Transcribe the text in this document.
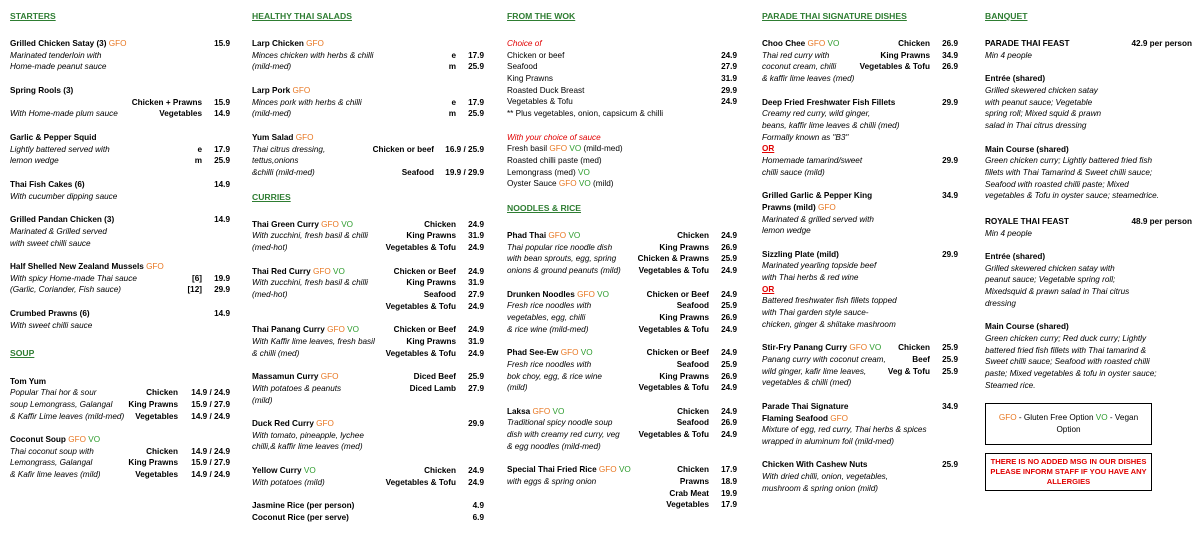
STARTERS
Grilled Chicken Satay (3) GFO	15.9
Marinated tenderloin with
Home-made peanut sauce
Spring Rools (3)
Chicken + Prawns	15.9
With Home-made plum sauce	Vegetables	14.9
Garlic & Pepper Squid
Lightly battered served with	e	17.9
lemon wedge	m	25.9
Thai Fish Cakes (6)	14.9
With cucumber dipping sauce
Grilled Pandan Chicken (3)	14.9
Marinated & Grilled served
with sweet chilli sauce
Half Shelled New Zealand Mussels GFO
With spicy Home-made Thai sauce	[6]	19.9
(Garlic, Coriander, Fish sauce)	[12]	29.9
Crumbed Prawns (6)	14.9
With sweet chilli sauce
SOUP
Tom Yum
Popular Thai hor & sour	Chicken	14.9 / 24.9
soup Lemongrass, Galangal	King Prawns	15.9 / 27.9
& Kaffir Lime leaves (mild-med)	Vegetables	14.9 / 24.9
Coconut Soup GFO VO
Thai coconut soup with	Chicken	14.9 / 24.9
Lemongrass, Galangal	King Prawns	15.9 / 27.9
& Kafir lime leaves (mild)	Vegetables	14.9 / 24.9
HEALTHY THAI SALADS
Larp Chicken GFO
Minces chicken with herbs & chilli	e	17.9
(mild-med)	m	25.9
Larp Pork GFO
Minces pork with herbs & chilli	e	17.9
(mild-med)	m	25.9
Yum Salad GFO
Thai citrus dressing, tettus,onions
Chicken or beef	16.9 / 25.9
&chilli (mild-med)	Seafood	19.9 / 29.9
CURRIES
Thai Green Curry GFO VO	Chicken	24.9
With zucchini, fresh basil & chilli	King Prawns	31.9
(med-hot)	Vegetables & Tofu	24.9
Thai Red Curry GFO VO	Chicken or Beef	24.9
With zucchini, fresh basil & chilli	King Prawns	31.9
(med-hot)	Seafood	27.9
Vegetables & Tofu	24.9
Thai Panang Curry GFO VO	Chicken or Beef	24.9
With Kaffir lime leaves, fresh basil	King Prawns	31.9
& chilli (med)	Vegetables & Tofu	24.9
Massamun Curry GFO	Diced Beef	25.9
With potatoes & peanuts	Diced Lamb	27.9
(mild)
Duck Red Curry GFO	29.9
With tomato, pineapple, lychee
chilli,& kaffir lime leaves (med)
Yellow Curry VO	Chicken	24.9
With potatoes (mild)	Vegetables & Tofu	24.9
Jasmine Rice (per person)	4.9
Coconut Rice (per serve)	6.9
FROM THE WOK
Choice of
Chicken or beef	24.9
Seafood	27.9
King Prawns	31.9
Roasted Duck Breast	29.9
Vegetables & Tofu	24.9
** Plus vegetables, onion, capsicum & chilli
With your choice of sauce
Fresh basil GFO VO (mild-med)
Roasted chilli paste (med)
Lemongrass (med) VO
Oyster Sauce GFO VO (mild)
NOODLES & RICE
Phad Thai GFO VO	Chicken	24.9
Thai popular rice noodle dish	King Prawns	26.9
with bean sprouts, egg, spring	Chicken & Prawns	25.9
onions & ground peanuts (mild)	Vegetables & Tofu	24.9
Drunken Noodles GFO VO	Chicken or Beef	24.9
Fresh rice noodles with	Seafood	25.9
vegetables, egg, chilli	King Prawns	26.9
& rice wine (mild-med)	Vegetables & Tofu	24.9
Phad See-Ew GFO VO	Chicken or Beef	24.9
Fresh rice noodles with	Seafood	25.9
bok choy, egg, & rice wine	King Prawns	26.9
(mild)	Vegetables & Tofu	24.9
Laksa GFO VO	Chicken	24.9
Traditional spicy noodle soup	Seafood	26.9
dish with creamy red curry, veg	Vegetables & Tofu	24.9
& egg noodles (mild-med)
Special Thai Fried Rice GFO VO	Chicken	17.9
with eggs & spring onion	Prawns	18.9
Crab Meat	19.9
Vegetables	17.9
PARADE THAI SIGNATURE DISHES
Choo Chee GFO VO	Chicken	26.9
Thai red curry with	King Prawns	34.9
coconut cream, chilli	Vegetables & Tofu	26.9
& kaffir lime leaves (med)
Deep Fried Freshwater Fish Fillets	29.9
Creamy red curry, wild ginger,
beans, kaffir lime leaves & chilli (med)
Formally known as "B3"
OR
Homemade tamarind/sweet	29.9
chilli sauce (mild)
Grilled Garlic & Pepper King	34.9
Prawns (mild) GFO
Marinated & grilled served with
lemon wedge
Sizzling Plate (mild)	29.9
Marinated yearling topside beef
with Thai herbs & red wine
OR
Battered freshwater fish fillets topped
with Thai garden style sauce-
chicken, ginger & shiitake mashroom
Stir-Fry Panang Curry GFO VO	Chicken	25.9
Panang curry with coconut cream,	Beef	25.9
wild ginger, kafir lime leaves,	Veg & Tofu	25.9
vegetables & chilli (med)
Parade Thai Signature	34.9
Flaming Seafood GFO
Mixture of egg, red curry, Thai herbs & spices
wrapped in aluminum foil (mild-med)
Chicken With Cashew Nuts	25.9
With dried chilli, onion, vegetables,
mushroom & spring onion (mild)
BANQUET
PARADE THAI FEAST	42.9 per person
Min 4 people
Entrée (shared)
Grilled skewered chicken satay
with peanut sauce; Vegetable
spring roll; Mixed squid & prawn
salad in Thai citrus dressing
Main Course (shared)
Green chicken curry; Lightly battered fried fish
fillets with Thai Tamarind & Sweet chilli sauce;
Seafood with roasted chilli paste; Mixed
vegetables & Tofu in oyster sauce; steamedrice.
ROYALE THAI FEAST	48.9 per person
Min 4 people
Entrée (shared)
Grilled skewered chicken satay with
peanut sauce; Vegetable spring roll;
Mixedsquid & prawn salad in Thai citrus
dressing
Main Course (shared)
Green chicken curry; Red duck curry; Lightly
battered fried fish fillets with Thai tamarind &
Sweet chilli sauce; Seafood with roasted chilli
paste; Mixed vegetables & tofu in oyster sauce;
Steamed rice.
GFO - Gluten Free Option VO - Vegan Option
THERE IS NO ADDED MSG IN OUR DISHES
PLEASE INFORM STAFF IF YOU HAVE ANY
ALLERGIES
